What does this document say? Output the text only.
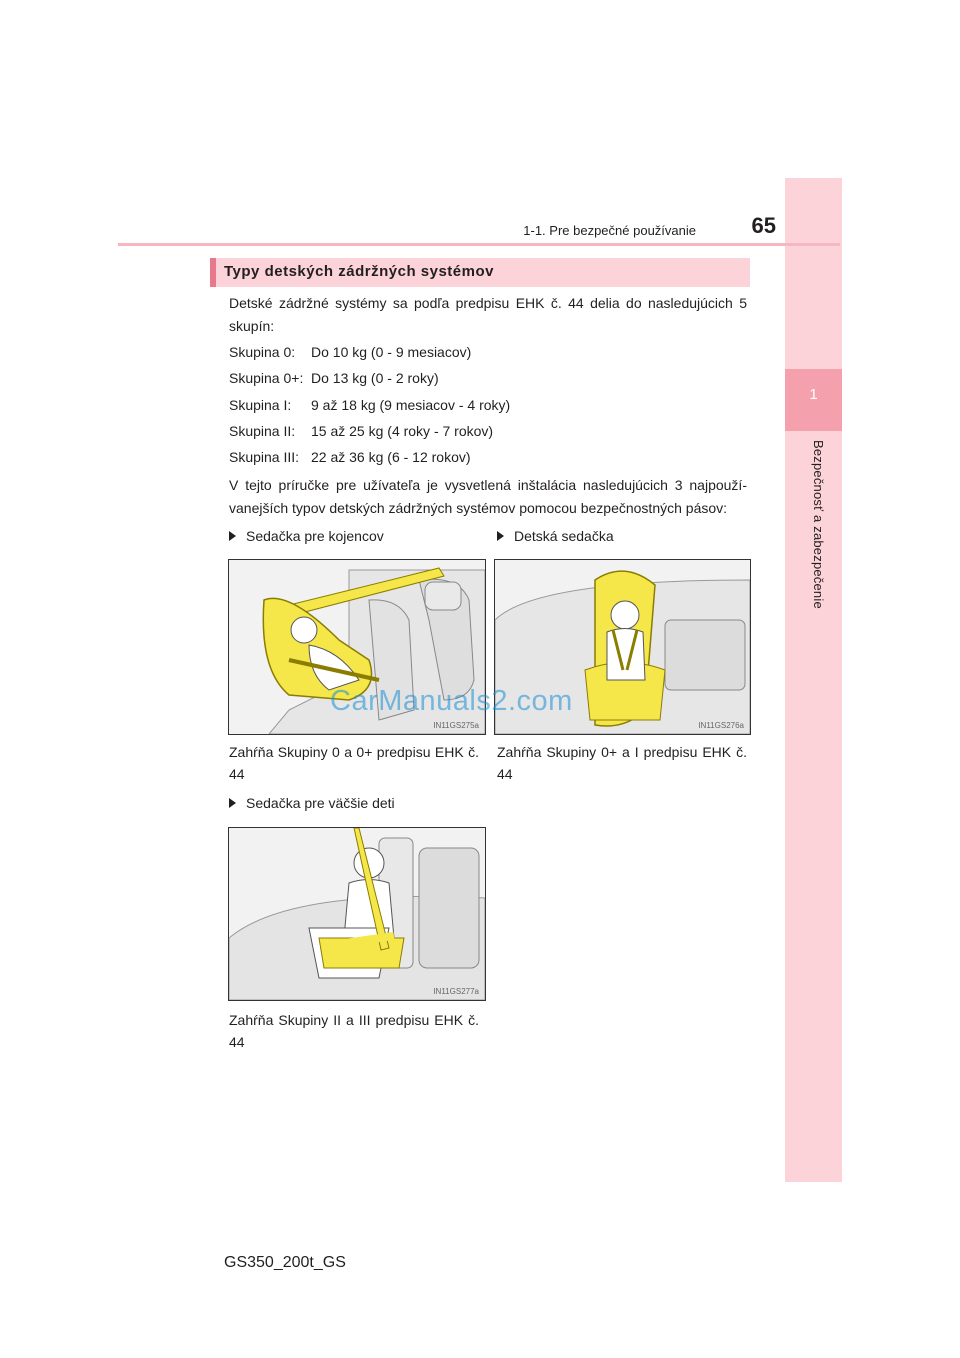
1
Bezpečnosť a zabezpečenie
1-1. Pre bezpečné používanie	65
Typy detských zádržných systémov
Detské zádržné systémy sa podľa predpisu EHK č. 44 delia do nasledujúcich 5 skupín:
Skupina 0: Do 10 kg (0 - 9 mesiacov)
Skupina 0+: Do 13 kg (0 - 2 roky)
Skupina I: 9 až 18 kg (9 mesiacov - 4 roky)
Skupina II: 15 až 25 kg (4 roky - 7 rokov)
Skupina III: 22 až 36 kg (6 - 12 rokov)
V tejto príručke pre užívateľa je vysvetlená inštalácia nasledujúcich 3 najpoužívanejších typov detských zádržných systémov pomocou bezpečnostných pásov:
Sedačka pre kojencov	Detská sedačka
IN11GS275a	IN11GS276a
CarManuals2.com
Zahŕňa Skupiny 0 a 0+ predpisu EHK č. 44
Zahŕňa Skupiny 0+ a I predpisu EHK č. 44
Sedačka pre väčšie deti
IN11GS277a
Zahŕňa Skupiny II a III predpisu EHK č. 44
GS350_200t_GS
